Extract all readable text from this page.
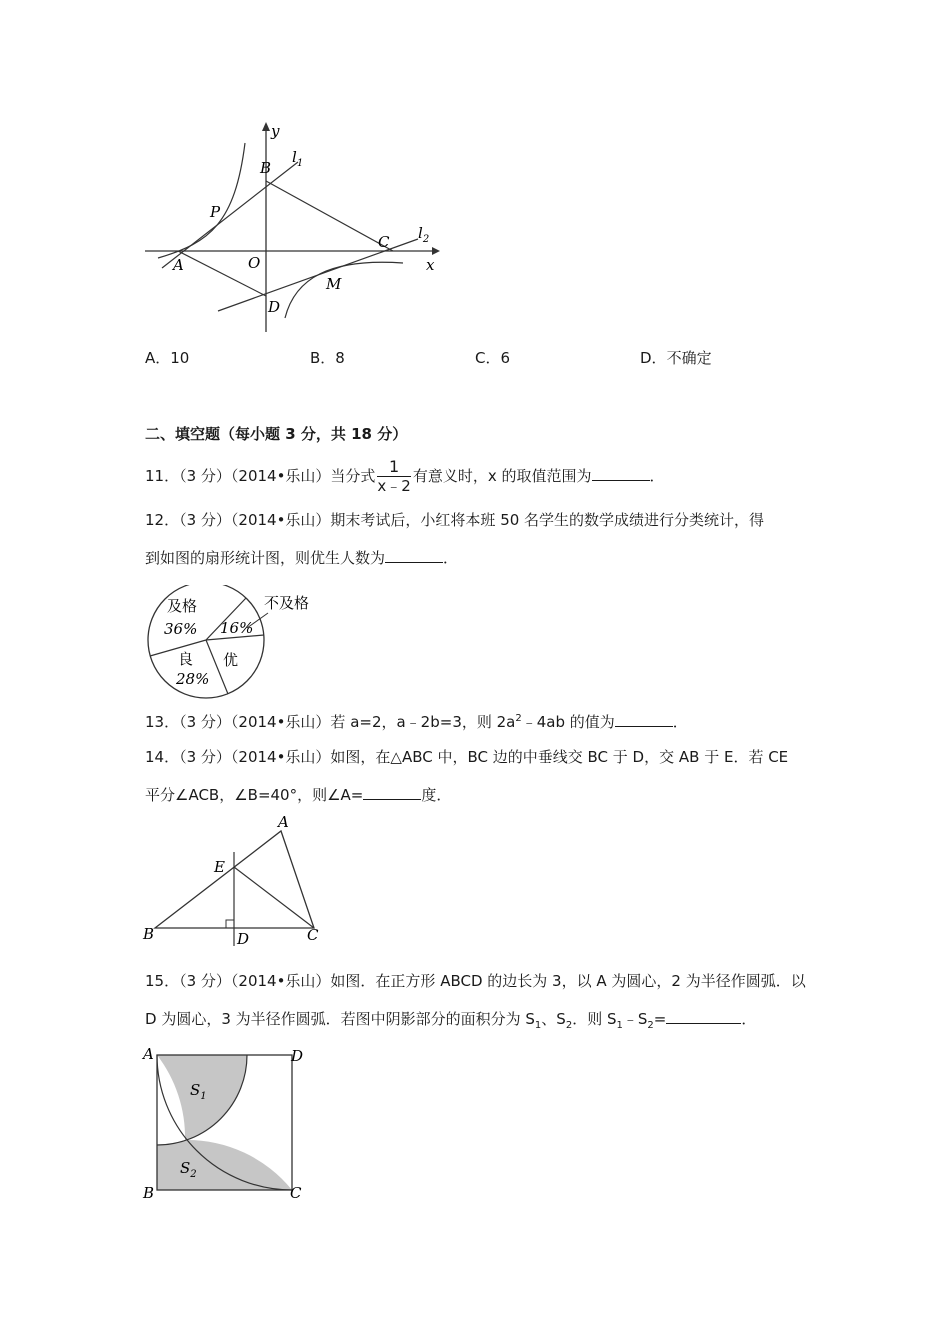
y
x
$l_1$
$l_2$
B
P
A	O
C
D
M
A．10	B．8	C．6	D．不确定
二、填空题（每小题 3 分，共 18 分）
11．（3 分）（2014•乐山）当分式 $\frac{1}{x﹣2}$ 有意义时，x 的取值范围为	．
12．（3 分）（2014•乐山）期末考试后，小红将本班 50 名学生的数学成绩进行分类统计，得
到如图的扇形统计图，则优生人数为	．
及格
36%
不及格
16%
良
28%
优
13．（3 分）（2014•乐山）若 a=2，a﹣2b=3，则 $2a^2﹣4ab$ 的值为	．
14．（3 分）（2014•乐山）如图，在△ABC 中，BC 边的中垂线交 BC 于 D，交 AB 于 E．若 CE
平分∠ACB，∠B=40°，则∠A=	度．
A
E
B	D	C
15．（3 分）（2014•乐山）如图．在正方形 ABCD 的边长为 3，以 A 为圆心，2 为半径作圆弧．以
D 为圆心，3 为半径作圆弧．若图中阴影部分的面积分为 $S_1$、$S_2$．则 $S_1﹣S_2=$	．
A	D
B	C
$S_1$
$S_2$
